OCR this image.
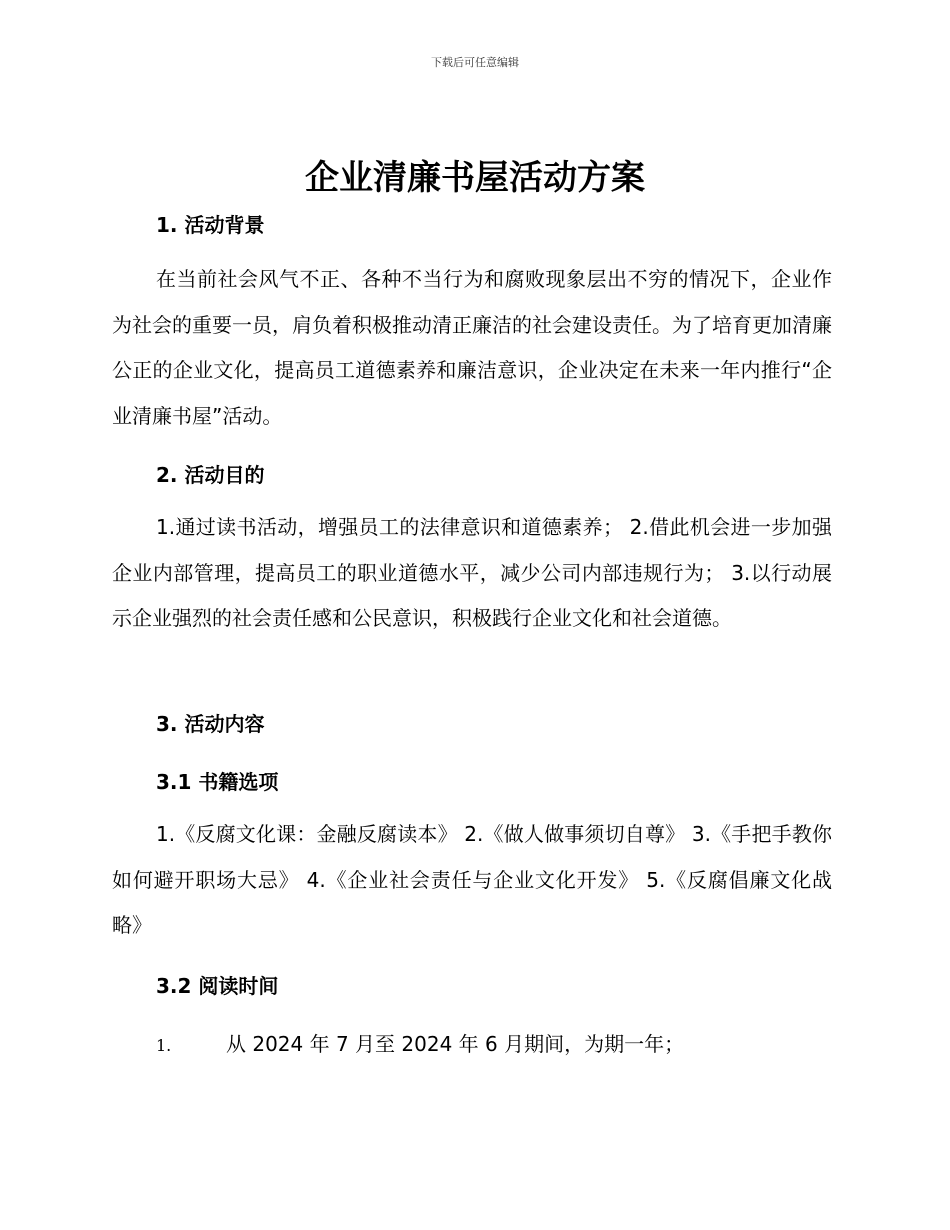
下载后可任意编辑
企业清廉书屋活动方案
1. 活动背景
在当前社会风气不正、各种不当行为和腐败现象层出不穷的情况下，企业作为社会的重要一员，肩负着积极推动清正廉洁的社会建设责任。为了培育更加清廉公正的企业文化，提高员工道德素养和廉洁意识，企业决定在未来一年内推行“企业清廉书屋”活动。
2. 活动目的
1.通过读书活动，增强员工的法律意识和道德素养； 2.借此机会进一步加强企业内部管理，提高员工的职业道德水平，减少公司内部违规行为； 3.以行动展示企业强烈的社会责任感和公民意识，积极践行企业文化和社会道德。
3. 活动内容
3.1 书籍选项
1.《反腐文化课：金融反腐读本》 2.《做人做事须切自尊》 3.《手把手教你如何避开职场大忌》 4.《企业社会责任与企业文化开发》 5.《反腐倡廉文化战略》
3.2 阅读时间
1.	从 2024 年 7 月至 2024 年 6 月期间，为期一年；
